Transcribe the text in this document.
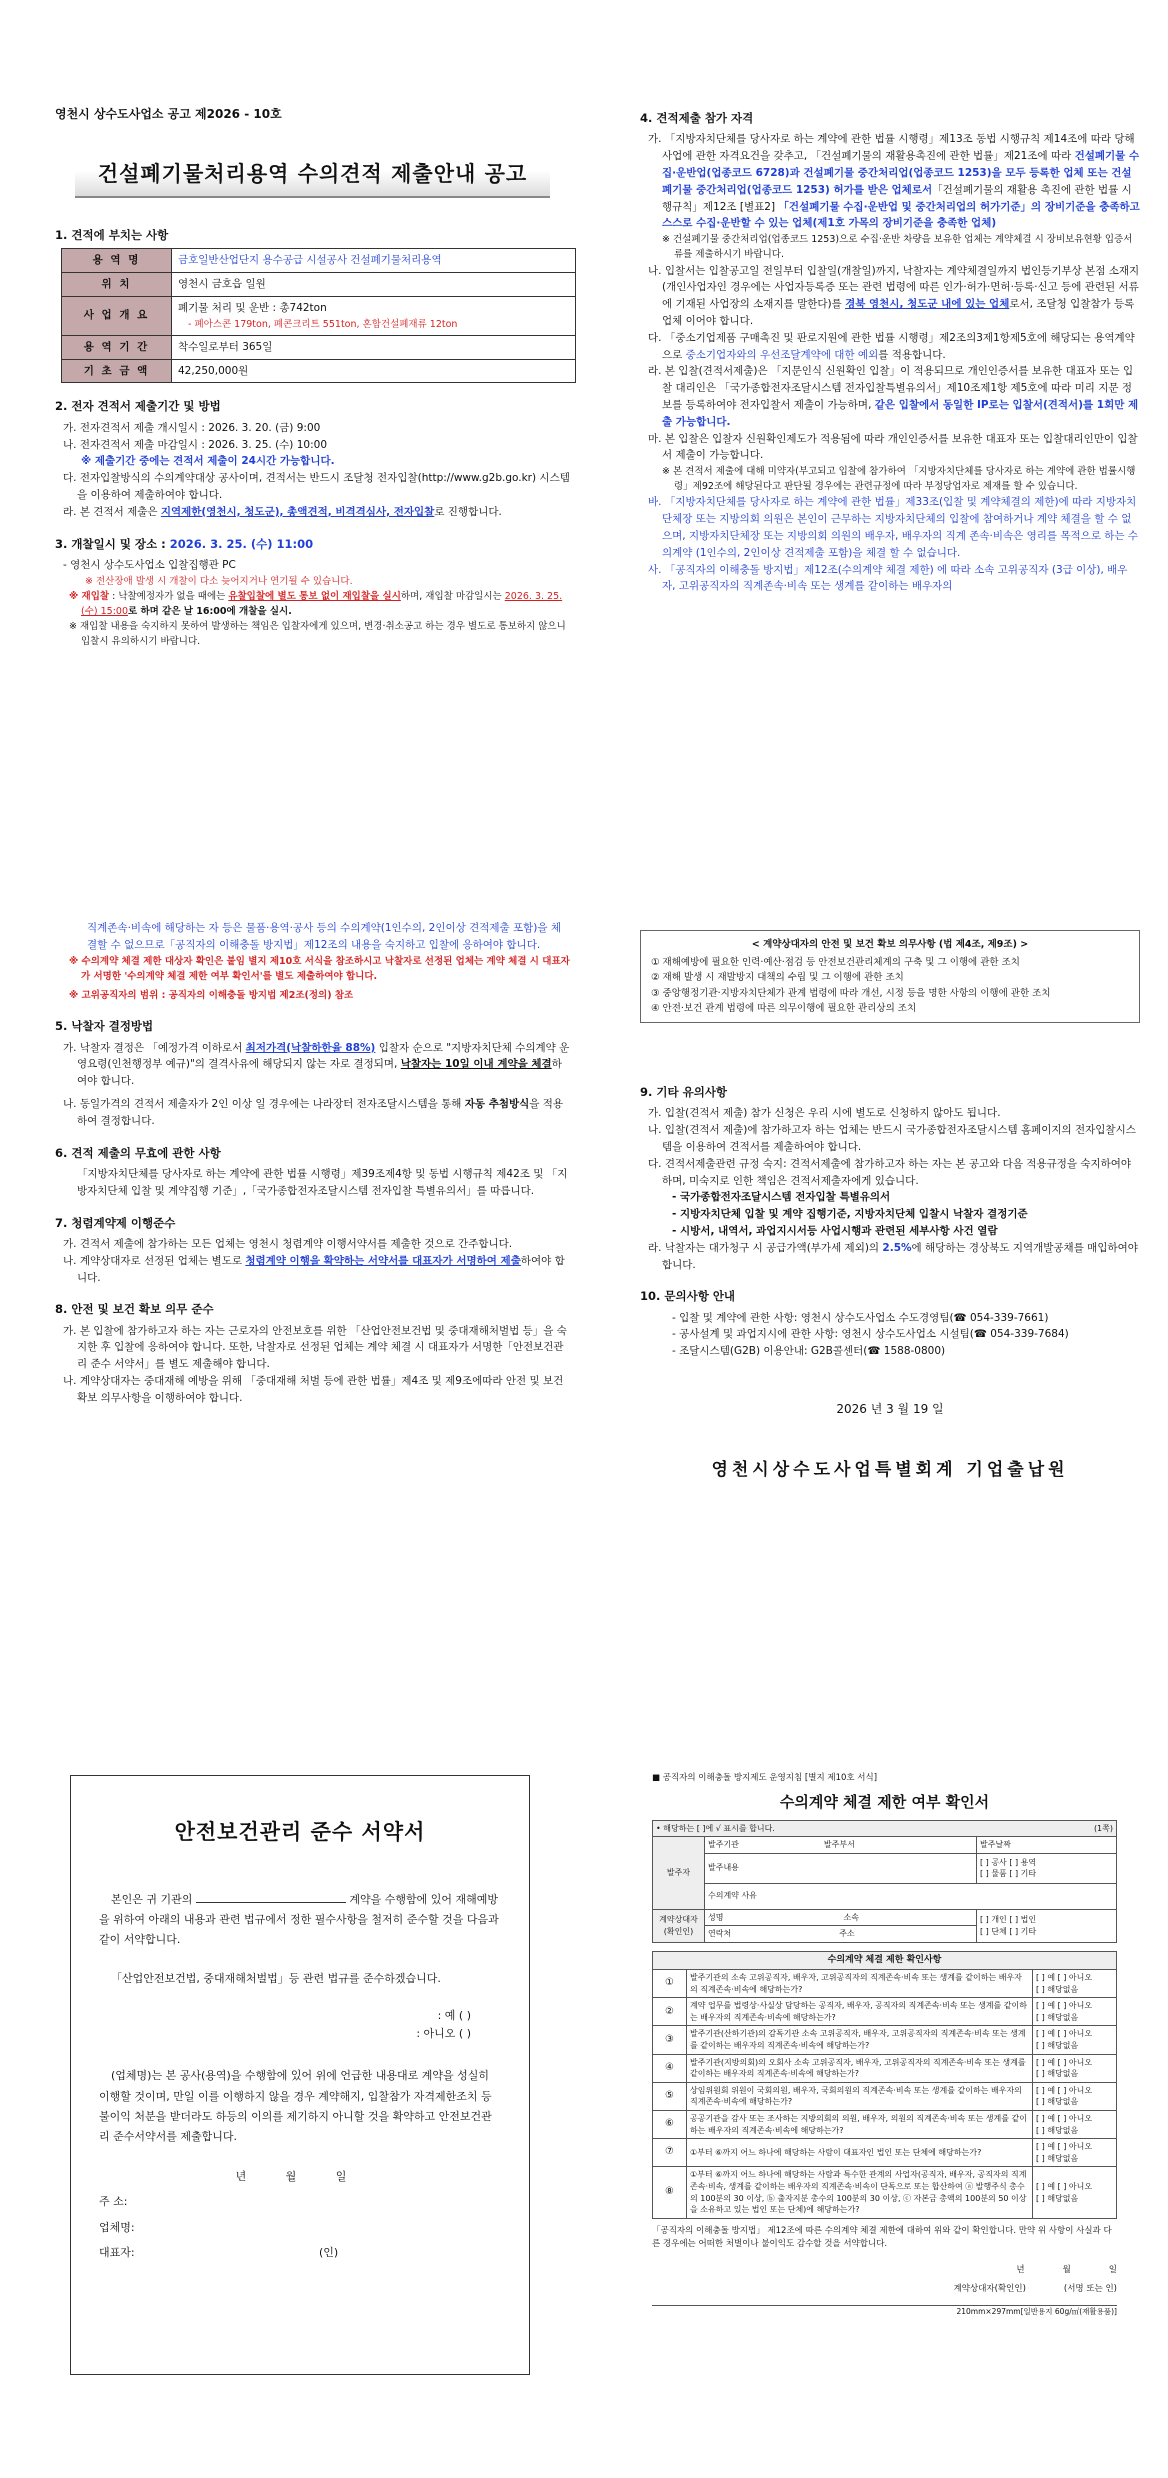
영천시 상수도사업소 공고 제2026 - 10호
건설폐기물처리용역 수의견적 제출안내 공고
1. 견적에 부치는 사항
용 역 명	금호일반산업단지 용수공급 시설공사 건설폐기물처리용역
위 치	영천시 금호읍 일원
사 업 개 요	폐기물 처리 및 운반 : 총742ton
- 폐아스콘 179ton, 폐콘크리트 551ton, 혼합건설폐재류 12ton

용 역 기 간	착수일로부터 365일
기 초 금 액	42,250,000원
2. 전자 견적서 제출기간 및 방법
가. 전자견적서 제출 개시일시 : 2026. 3. 20. (금) 9:00
나. 전자견적서 제출 마감일시 : 2026. 3. 25. (수) 10:00
※ 제출기간 중에는 견적서 제출이 24시간 가능합니다.
다. 전자입찰방식의 수의계약대상 공사이며, 견적서는 반드시 조달청 전자입찰(http://www.g2b.go.kr) 시스템을 이용하여 제출하여야 합니다.
라. 본 견적서 제출은 지역제한(영천시, 청도군), 총액견적, 비격격심사, 전자입찰로 진행합니다.
3. 개찰일시 및 장소 : 2026. 3. 25. (수) 11:00
- 영천시 상수도사업소 입찰집행관 PC
※ 전산장애 발생 시 개찰이 다소 늦어지거나 연기될 수 있습니다.
※ 재입찰 : 낙찰예정자가 없을 때에는 유찰입찰에 별도 통보 없이 재입찰을 실시하며, 재입찰 마감일시는 2026. 3. 25.(수) 15:00로 하며 같은 날 16:00에 개찰을 실시.
※ 재입찰 내용을 숙지하지 못하여 발생하는 책임은 입찰자에게 있으며, 변경·취소공고 하는 경우 별도로 통보하지 않으니 입찰시 유의하시기 바랍니다.
4. 견적제출 참가 자격
가. 「지방자치단체를 당사자로 하는 계약에 관한 법률 시행령」제13조 동법 시행규칙 제14조에 따라 당해 사업에 관한 자격요건을 갖추고, 「건설폐기물의 재활용촉진에 관한 법률」제21조에 따라 건설폐기물 수집·운반업(업종코드 6728)과 건설폐기물 중간처리업(업종코드 1253)을 모두 등록한 업체 또는 건설폐기물 중간처리업(업종코드 1253) 허가를 받은 업체로서「건설폐기물의 재활용 촉진에 관한 법률 시행규칙」제12조 [별표2] 「건설폐기물 수집·운반업 및 중간처리업의 허가기준」의 장비기준을 충족하고 스스로 수집·운반할 수 있는 업체(제1호 가목의 장비기준을 충족한 업체)
※ 건설폐기물 중간처리업(업종코드 1253)으로 수집·운반 차량을 보유한 업체는 계약체결 시 장비보유현황 입증서류를 제출하시기 바랍니다.
나. 입찰서는 입찰공고일 전일부터 입찰일(개찰일)까지, 낙찰자는 계약체결일까지 법인등기부상 본점 소재지(개인사업자인 경우에는 사업자등록증 또는 관련 법령에 따른 인가·허가·면허·등록·신고 등에 관련된 서류에 기재된 사업장의 소재지를 말한다)를 경북 영천시, 청도군 내에 있는 업체로서, 조달청 입찰참가 등록업체 이어야 합니다.
다. 「중소기업제품 구매촉진 및 판로지원에 관한 법률 시행령」제2조의3제1항제5호에 해당되는 용역계약으로 중소기업자와의 우선조달계약에 대한 예외를 적용합니다.
라. 본 입찰(견적서제출)은 「지문인식 신원확인 입찰」이 적용되므로 개인인증서를 보유한 대표자 또는 입찰 대리인은 「국가종합전자조달시스템 전자입찰특별유의서」제10조제1항 제5호에 따라 미리 지문 정보를 등록하여야 전자입찰서 제출이 가능하며, 같은 입찰에서 동일한 IP로는 입찰서(견적서)를 1회만 제출 가능합니다.
마. 본 입찰은 입찰자 신원확인제도가 적용됨에 따라 개인인증서를 보유한 대표자 또는 입찰대리인만이 입찰서 제출이 가능합니다.
※ 본 견적서 제출에 대해 미약자(부고되고 입찰에 참가하여 「지방자치단체를 당사자로 하는 계약에 관한 법률시행령」제92조에 해당된다고 판단될 경우에는 관련규정에 따라 부정당업자로 제재를 할 수 있습니다.
바. 「지방자치단체를 당사자로 하는 계약에 관한 법률」제33조(입찰 및 계약체결의 제한)에 따라 지방자치단체장 또는 지방의회 의원은 본인이 근무하는 지방자치단체의 입찰에 참여하거나 계약 체결을 할 수 없으며, 지방자치단체장 또는 지방의회 의원의 배우자, 배우자의 직계 존속·비속은 영리를 목적으로 하는 수의계약 (1인수의, 2인이상 견적제출 포함)을 체결 할 수 없습니다.
사. 「공직자의 이해충돌 방지법」제12조(수의계약 체결 제한) 에 따라 소속 고위공직자 (3급 이상), 배우자, 고위공직자의 직계존속·비속 또는 생계를 같이하는 배우자의
직계존속·비속에 해당하는 자 등은 물품·용역·공사 등의 수의계약(1인수의, 2인이상 견적제출 포함)을 체결할 수 없으므로「공직자의 이해충돌 방지법」제12조의 내용을 숙지하고 입찰에 응하여야 합니다.
※ 수의계약 체결 제한 대상자 확인은 붙임 별지 제10호 서식을 참조하시고 낙찰자로 선정된 업체는 계약 체결 시 대표자가 서명한 '수의계약 체결 제한 여부 확인서'를 별도 제출하여야 합니다.
※ 고위공직자의 범위 : 공직자의 이해충돌 방지법 제2조(정의) 참조
5. 낙찰자 결정방법
가. 낙찰자 결정은 「예정가격 이하로서 최저가격(낙찰하한율 88%) 입찰자 순으로 "지방자치단체 수의계약 운영요령(인천행정부 예규)"의 결격사유에 해당되지 않는 자로 결정되며, 낙찰자는 10일 이내 계약을 체결하여야 합니다.
나. 동일가격의 견적서 제출자가 2인 이상 일 경우에는 나라장터 전자조달시스템을 통해 자동 추첨방식을 적용하여 결정합니다.
6. 견적 제출의 무효에 관한 사항
「지방자치단체를 당사자로 하는 계약에 관한 법률 시행령」제39조제4항 및 동법 시행규칙 제42조 및 「지방자치단체 입찰 및 계약집행 기준」,「국가종합전자조달시스템 전자입찰 특별유의서」를 따릅니다.
7. 청렴계약제 이행준수
가. 견적서 제출에 참가하는 모든 업체는 영천시 청렴계약 이행서약서를 제출한 것으로 간주합니다.
나. 계약상대자로 선정된 업체는 별도로 청렴계약 이행을 확약하는 서약서를 대표자가 서명하여 제출하여야 합니다.
8. 안전 및 보건 확보 의무 준수
가. 본 입찰에 참가하고자 하는 자는 근로자의 안전보호를 위한 「산업안전보건법 및 중대재해처벌법 등」을 숙지한 후 입찰에 응하여야 합니다. 또한, 낙찰자로 선정된 업체는 계약 체결 시 대표자가 서명한「안전보건관리 준수 서약서」를 별도 제출해야 합니다.
나. 계약상대자는 중대재해 예방을 위해 「중대재해 처벌 등에 관한 법률」제4조 및 제9조에따라 안전 및 보건 확보 의무사항을 이행하여야 합니다.
< 계약상대자의 안전 및 보건 확보 의무사항 (법 제4조, 제9조) >
① 재해예방에 필요한 인력·예산·점검 등 안전보건관리체계의 구축 및 그 이행에 관한 조치
② 재해 발생 시 재발방지 대책의 수립 및 그 이행에 관한 조치
③ 중앙행정기관·지방자치단체가 관계 법령에 따라 개선, 시정 등을 명한 사항의 이행에 관한 조치
④ 안전·보건 관계 법령에 따른 의무이행에 필요한 관리상의 조치
9. 기타 유의사항
가. 입찰(견적서 제출) 참가 신청은 우리 시에 별도로 신청하지 않아도 됩니다.
나. 입찰(견적서 제출)에 참가하고자 하는 업체는 반드시 국가종합전자조달시스템 홈페이지의 전자입찰시스템을 이용하여 견적서를 제출하여야 합니다.
다. 견적서제출관련 규정 숙지: 견적서제출에 참가하고자 하는 자는 본 공고와 다음 적용규정을 숙지하여야 하며, 미숙지로 인한 책임은 견적서제출자에게 있습니다.
- 국가종합전자조달시스템 전자입찰 특별유의서
- 지방자치단체 입찰 및 계약 집행기준, 지방자치단체 입찰시 낙찰자 결정기준
- 시방서, 내역서, 과업지시서등 사업시행과 관련된 세부사항 사건 열람
라. 낙찰자는 대가청구 시 공급가액(부가세 제외)의 2.5%에 해당하는 경상북도 지역개발공채를 매입하여야 합니다.
10. 문의사항 안내
- 입찰 및 계약에 관한 사항: 영천시 상수도사업소 수도경영팀(☎ 054-339-7661)
- 공사설계 및 과업지시에 관한 사항: 영천시 상수도사업소 시설팀(☎ 054-339-7684)
- 조달시스템(G2B) 이용안내: G2B콜센터(☎ 1588-0800)
2026 년 3 월 19 일
영천시상수도사업특별회계 기업출납원
안전보건관리 준수 서약서
본인은 귀 기관의	계약을 수행함에 있어 재해예방을 위하여 아래의 내용과 관련 법규에서 정한 필수사항을 철저히 준수할 것을 다음과 같이 서약합니다.
「산업안전보건법, 중대재해처벌법」등 관련 법규를 준수하겠습니다.
: 예 ( )
: 아니오 ( )
(업체명)는 본 공사(용역)을 수행함에 있어 위에 언급한 내용대로 계약을 성실히 이행할 것이며, 만일 이를 이행하지 않을 경우 계약해지, 입찰참가 자격제한조치 등 불이익 처분을 받더라도 하등의 이의를 제기하지 아니할 것을 확약하고 안전보건관리 준수서약서를 제출합니다.
년 월 일
주 소:
업체명:
대표자:	(인)
■ 공직자의 이해충돌 방지제도 운영지침 [별지 제10호 서식]
수의계약 체결 제한 여부 확인서
• 해당하는 [ ]에 √ 표시를 합니다. (1쪽)		

발주자	발주기관 발주부서	발주날짜
	발주내용	[ ] 공사 [ ] 용역
[ ] 물품 [ ] 기타
	수의계약 사유	
계약상대자
(확인인)	성명 소속	[ ] 개인 [ ] 법인
[ ] 단체 [ ] 기타
	연락처 주소	
수의계약 체결 제한 확인사항		
①	발주기관의 소속 고위공직자, 배우자, 고위공직자의 직계존속·비속 또는 생계를 같이하는 배우자의 직계존속·비속에 해당하는가?	[ ] 예 [ ] 아니오
[ ] 해당없음
②	계약 업무를 법령상·사실상 담당하는 공직자, 배우자, 공직자의 직계존속·비속 또는 생계를 같이하는 배우자의 직계존속·비속에 해당하는가?	[ ] 예 [ ] 아니오
[ ] 해당없음
③	발주기관(산하기관)의 감독기관 소속 고위공직자, 배우자, 고위공직자의 직계존속·비속 또는 생계를 같이하는 배우자의 직계존속·비속에 해당하는가?	[ ] 예 [ ] 아니오
[ ] 해당없음
④	발주기관(지방의회)의 오회사 소속 고위공직자, 배우자, 고위공직자의 직계존속·비속 또는 생계를 같이하는 배우자의 직계존속·비속에 해당하는가?	[ ] 예 [ ] 아니오
[ ] 해당없음
⑤	상임위원회 위원이 국회의원, 배우자, 국회의원의 직계존속·비속 또는 생계를 같이하는 배우자의 직계존속·비속에 해당하는가?	[ ] 예 [ ] 아니오
[ ] 해당없음
⑥	공공기관을 감사 또는 조사하는 지방의회의 의원, 배우자, 의원의 직계존속·비속 또는 생계를 같이하는 배우자의 직계존속·비속에 해당하는가?	[ ] 예 [ ] 아니오
[ ] 해당없음
⑦	①부터 ⑥까지 어느 하나에 해당하는 사람이 대표자인 법인 또는 단체에 해당하는가?	[ ] 예 [ ] 아니오
[ ] 해당없음
⑧	①부터 ⑥까지 어느 하나에 해당하는 사람과 특수한 관계의 사업자(공직자, 배우자, 공직자의 직계존속·비속, 생계를 같이하는 배우자의 직계존속·비속이 단독으로 또는 합산하여 ⓐ 발행주식 총수의 100분의 30 이상, ⓑ 출자지분 총수의 100분의 30 이상, ⓒ 자본금 총액의 100분의 50 이상을 소유하고 있는 법인 또는 단체)에 해당하는가?	[ ] 예 [ ] 아니오
[ ] 해당없음
「공직자의 이해충돌 방지법」 제12조에 따른 수의계약 체결 제한에 대하여 위와 같이 확인합니다. 만약 위 사항이 사실과 다른 경우에는 어떠한 처벌이나 불이익도 감수할 것을 서약합니다.
년	월	일
계약상대자(확인인)	(서명 또는 인)
210mm×297mm[일반용지 60g/㎡(재활용품)]
